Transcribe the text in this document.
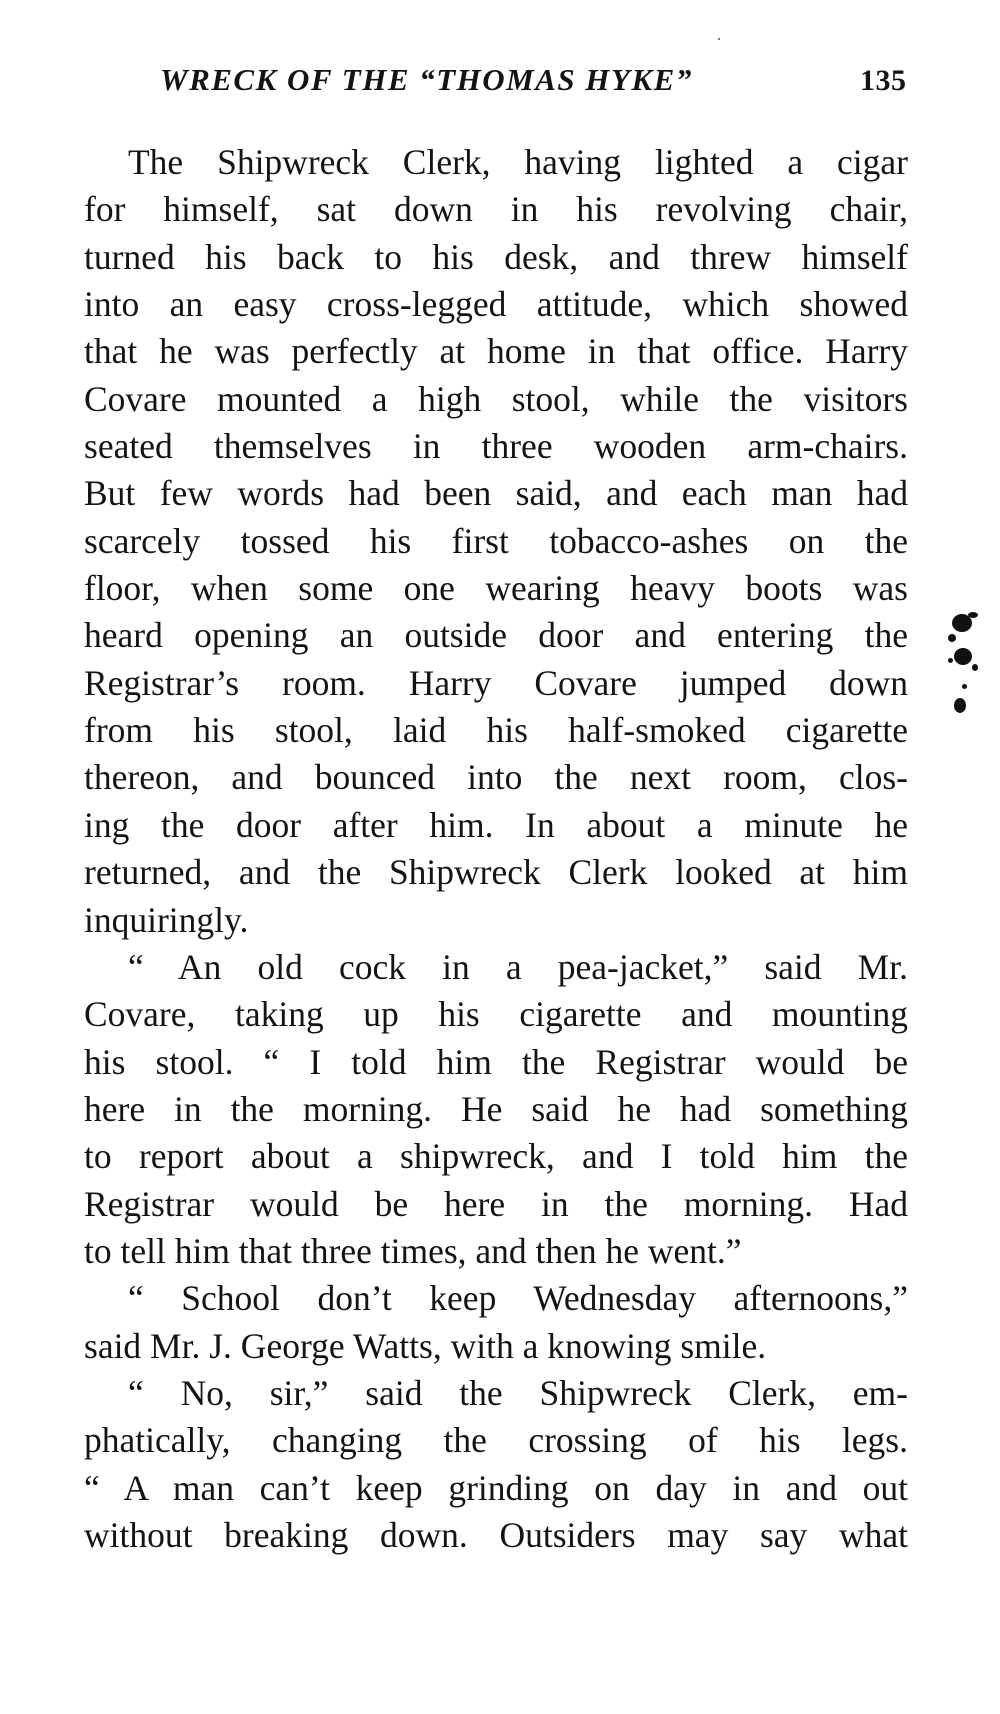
WRECK OF THE “THOMAS HYKE”	135
The Shipwreck Clerk, having lighted a cigar
for himself, sat down in his revolving chair,
turned his back to his desk, and threw himself
into an easy cross-legged attitude, which showed
that he was perfectly at home in that office. Harry
Covare mounted a high stool, while the visitors
seated themselves in three wooden arm-chairs.
But few words had been said, and each man had
scarcely tossed his first tobacco-ashes on the
floor, when some one wearing heavy boots was
heard opening an outside door and entering the
Registrar’s room. Harry Covare jumped down
from his stool, laid his half-smoked cigarette
thereon, and bounced into the next room, clos-
ing the door after him. In about a minute he
returned, and the Shipwreck Clerk looked at him
inquiringly.
“ An old cock in a pea-jacket,” said Mr.
Covare, taking up his cigarette and mounting
his stool. “ I told him the Registrar would be
here in the morning. He said he had something
to report about a shipwreck, and I told him the
Registrar would be here in the morning. Had
to tell him that three times, and then he went.”
“ School don’t keep Wednesday afternoons,”
said Mr. J. George Watts, with a knowing smile.
“ No, sir,” said the Shipwreck Clerk, em-
phatically, changing the crossing of his legs.
“ A man can’t keep grinding on day in and out
without breaking down. Outsiders may say what
